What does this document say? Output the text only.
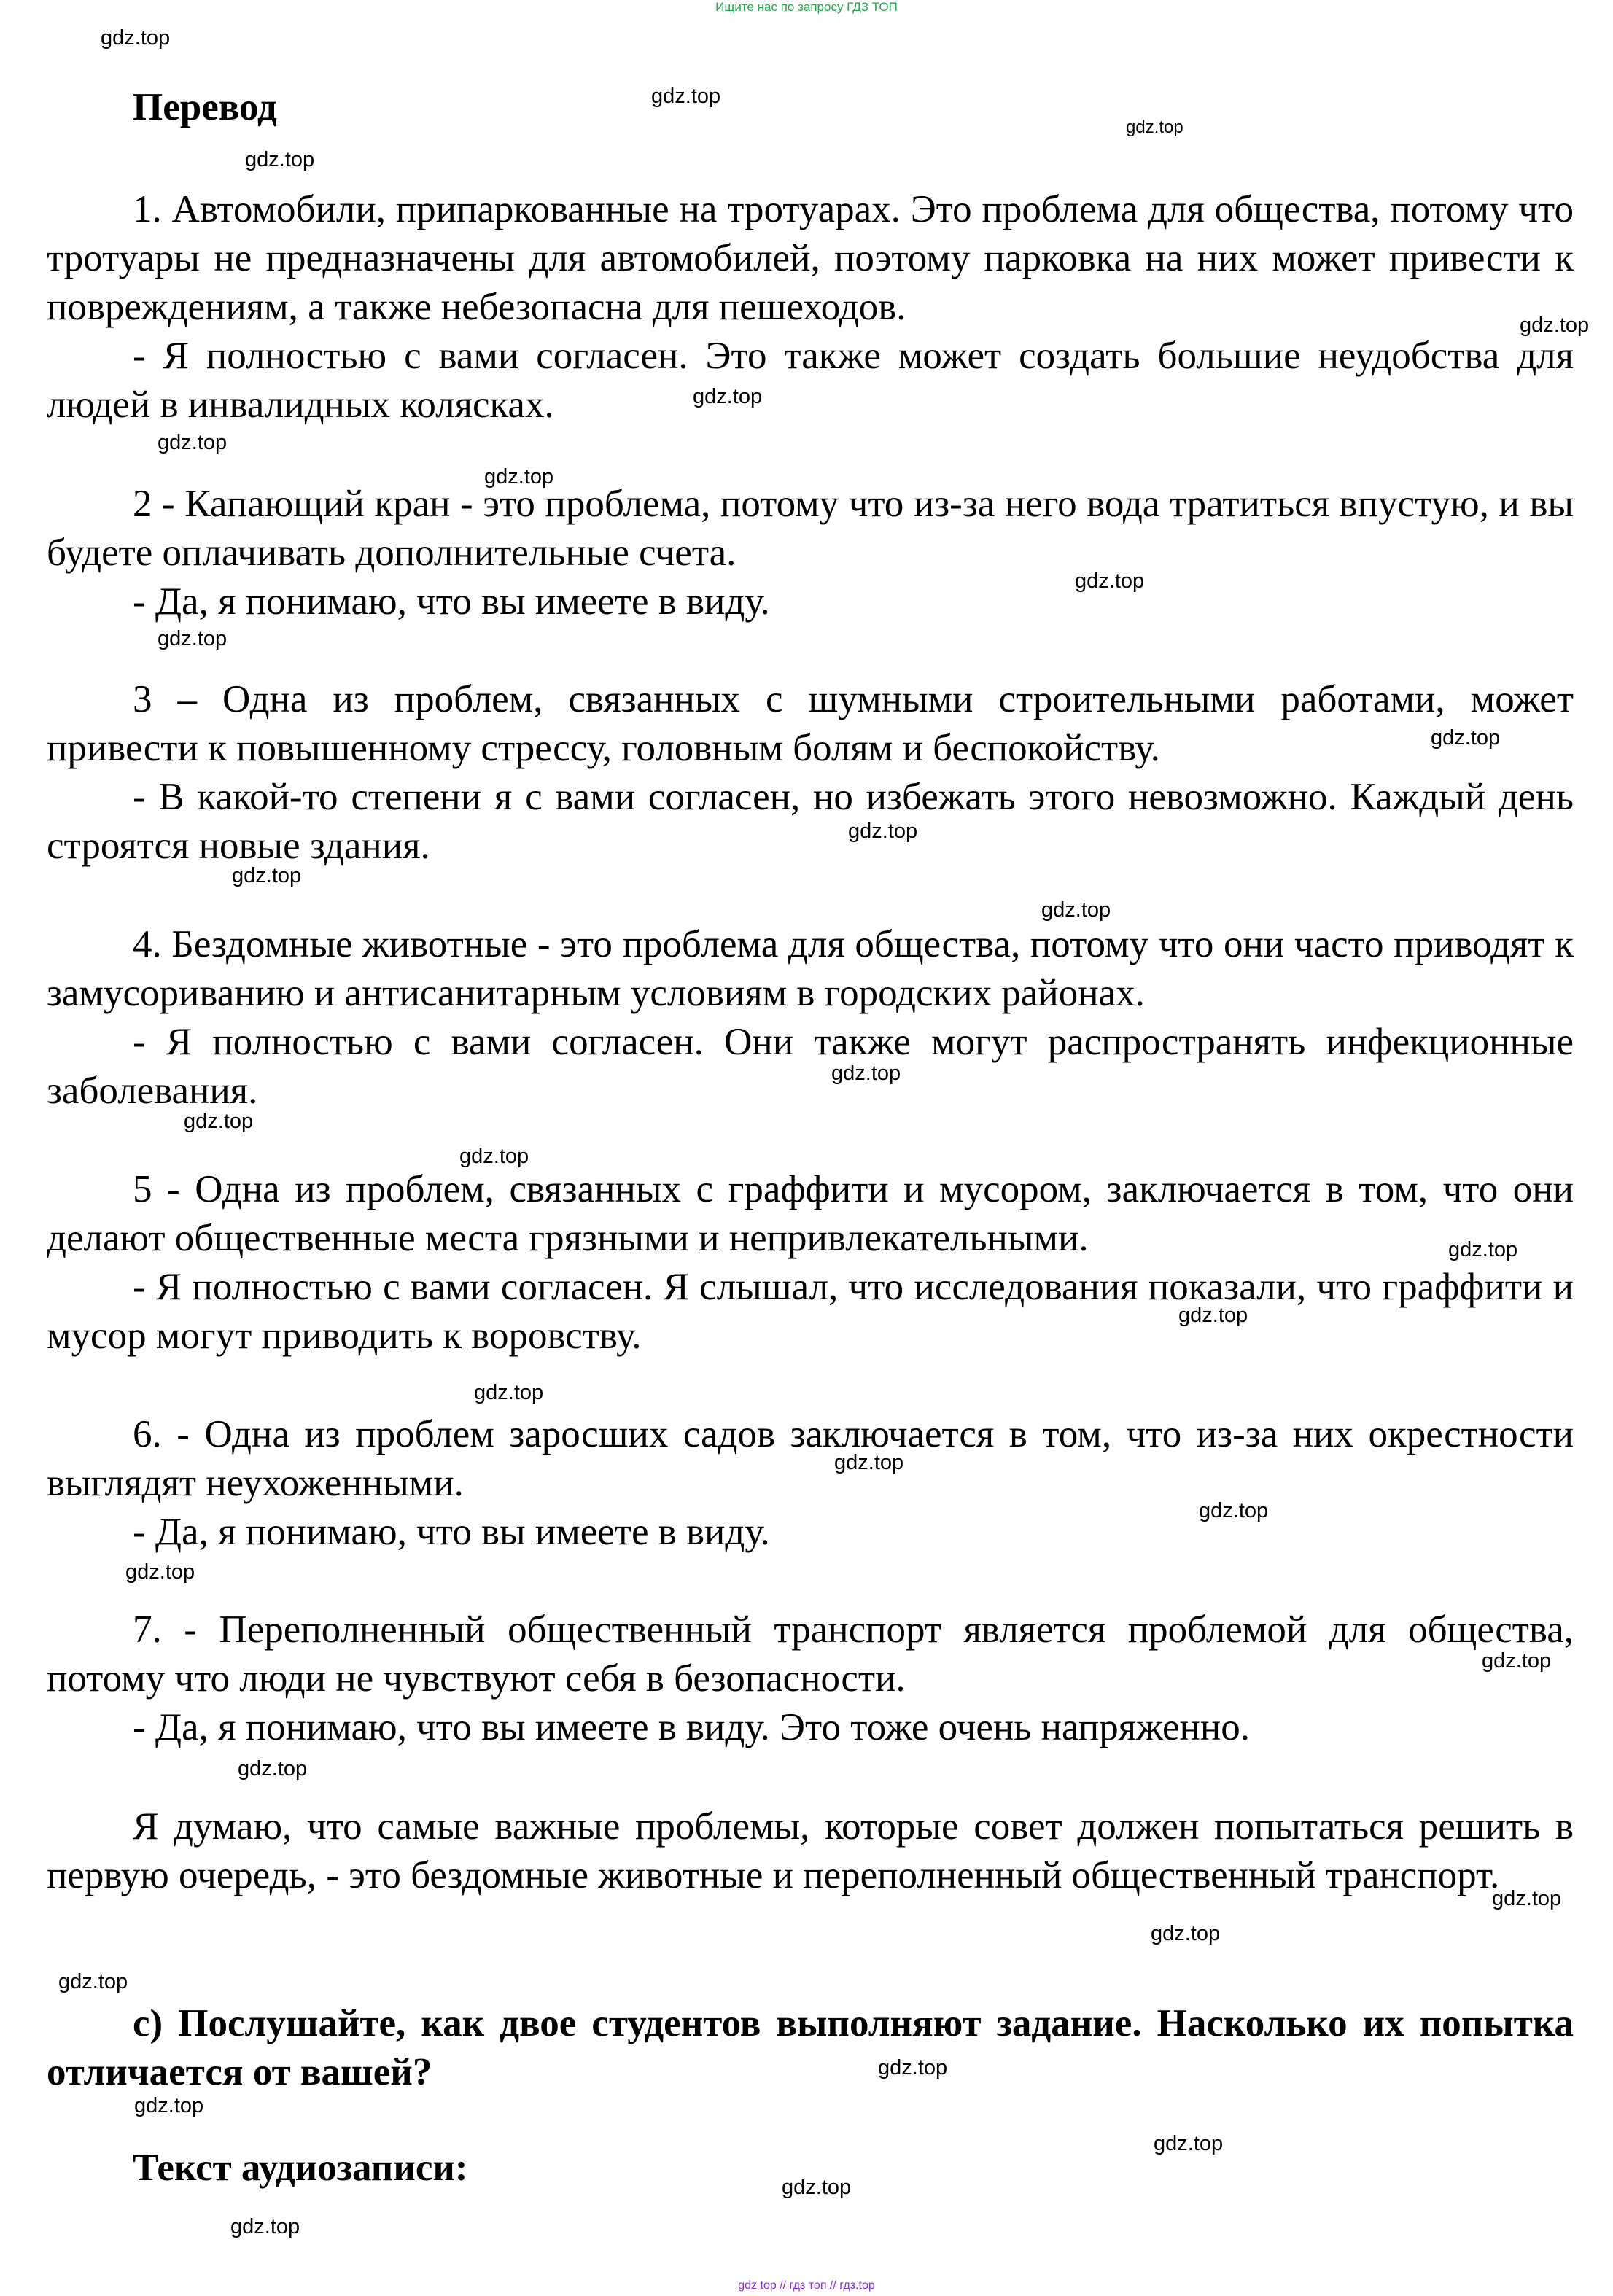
Ищите нас по запросу ГДЗ ТОП
gdz.top
gdz.top
gdz.top
gdz.top
gdz.top
gdz.top
gdz.top
gdz.top
gdz.top
gdz.top
gdz.top
gdz.top
gdz.top
gdz.top
gdz.top
gdz.top
gdz.top
gdz.top
gdz.top
gdz.top
gdz.top
gdz.top
gdz.top
gdz.top
gdz.top
gdz.top
gdz.top
gdz.top
gdz.top
gdz.top
gdz.top
gdz.top
gdz.top

Перевод

1. Автомобили, припаркованные на тротуарах. Это проблема для общества, потому что тротуары не предназначены для автомобилей, поэтому парковка на них может привести к повреждениям, а также небезопасна для пешеходов.

- Я полностью с вами согласен. Это также может создать большие неудобства для людей в инвалидных колясках.

2 - Капающий кран - это проблема, потому что из-за него вода тратиться впустую, и вы будете оплачивать дополнительные счета.

- Да, я понимаю, что вы имеете в виду.

3 – Одна из проблем, связанных с шумными строительными работами, может привести к повышенному стрессу, головным болям и беспокойству.

- В какой-то степени я с вами согласен, но избежать этого невозможно. Каждый день строятся новые здания.

4. Бездомные животные - это проблема для общества, потому что они часто приводят к замусориванию и антисанитарным условиям в городских районах.

- Я полностью с вами согласен. Они также могут распространять инфекционные заболевания.

5 - Одна из проблем, связанных с граффити и мусором, заключается в том, что они делают общественные места грязными и непривлекательными.

- Я полностью с вами согласен. Я слышал, что исследования показали, что граффити и мусор могут приводить к воровству.

6. - Одна из проблем заросших садов заключается в том, что из-за них окрестности выглядят неухоженными.

- Да, я понимаю, что вы имеете в виду.

7. - Переполненный общественный транспорт является проблемой для общества, потому что люди не чувствуют себя в безопасности.

- Да, я понимаю, что вы имеете в виду. Это тоже очень напряженно.

Я думаю, что самые важные проблемы, которые совет должен попытаться решить в первую очередь, - это бездомные животные и переполненный общественный транспорт.

c) Послушайте, как двое студентов выполняют задание. Насколько их попытка отличается от вашей?

Текст аудиозаписи:

gdz top // гдз топ // гдз.top
